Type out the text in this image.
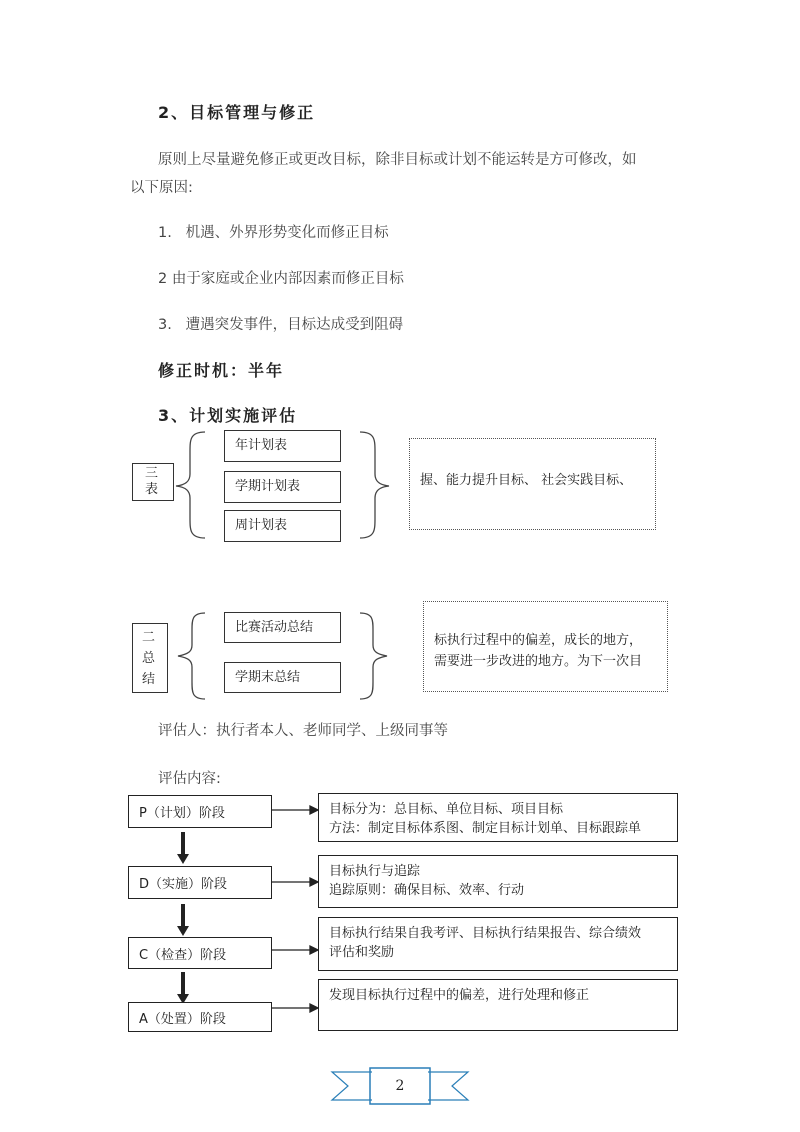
2、目标管理与修正
原则上尽量避免修正或更改目标，除非目标或计划不能运转是方可修改，如
以下原因:
1.   机遇、外界形势变化而修正目标
2 由于家庭或企业内部因素而修正目标
3.   遭遇突发事件，目标达成受到阻碍
修正时机：半年
3、计划实施评估
三
表
年计划表
学期计划表
周计划表
握、能力提升目标、 社会实践目标、
二
总
结
比赛活动总结
学期末总结
标执行过程中的偏差，成长的地方，
需要进一步改进的地方。为下一次目
评估人：执行者本人、老师同学、上级同事等
评估内容:
P（计划）阶段	目标分为：总目标、单位目标、项目目标
方法：制定目标体系图、制定目标计划单、目标跟踪单
D（实施）阶段
目标执行与追踪
追踪原则：确保目标、效率、行动
C（检查）阶段
目标执行结果自我考评、目标执行结果报告、综合绩效
评估和奖励
A（处置）阶段
发现目标执行过程中的偏差，进行处理和修正
2
